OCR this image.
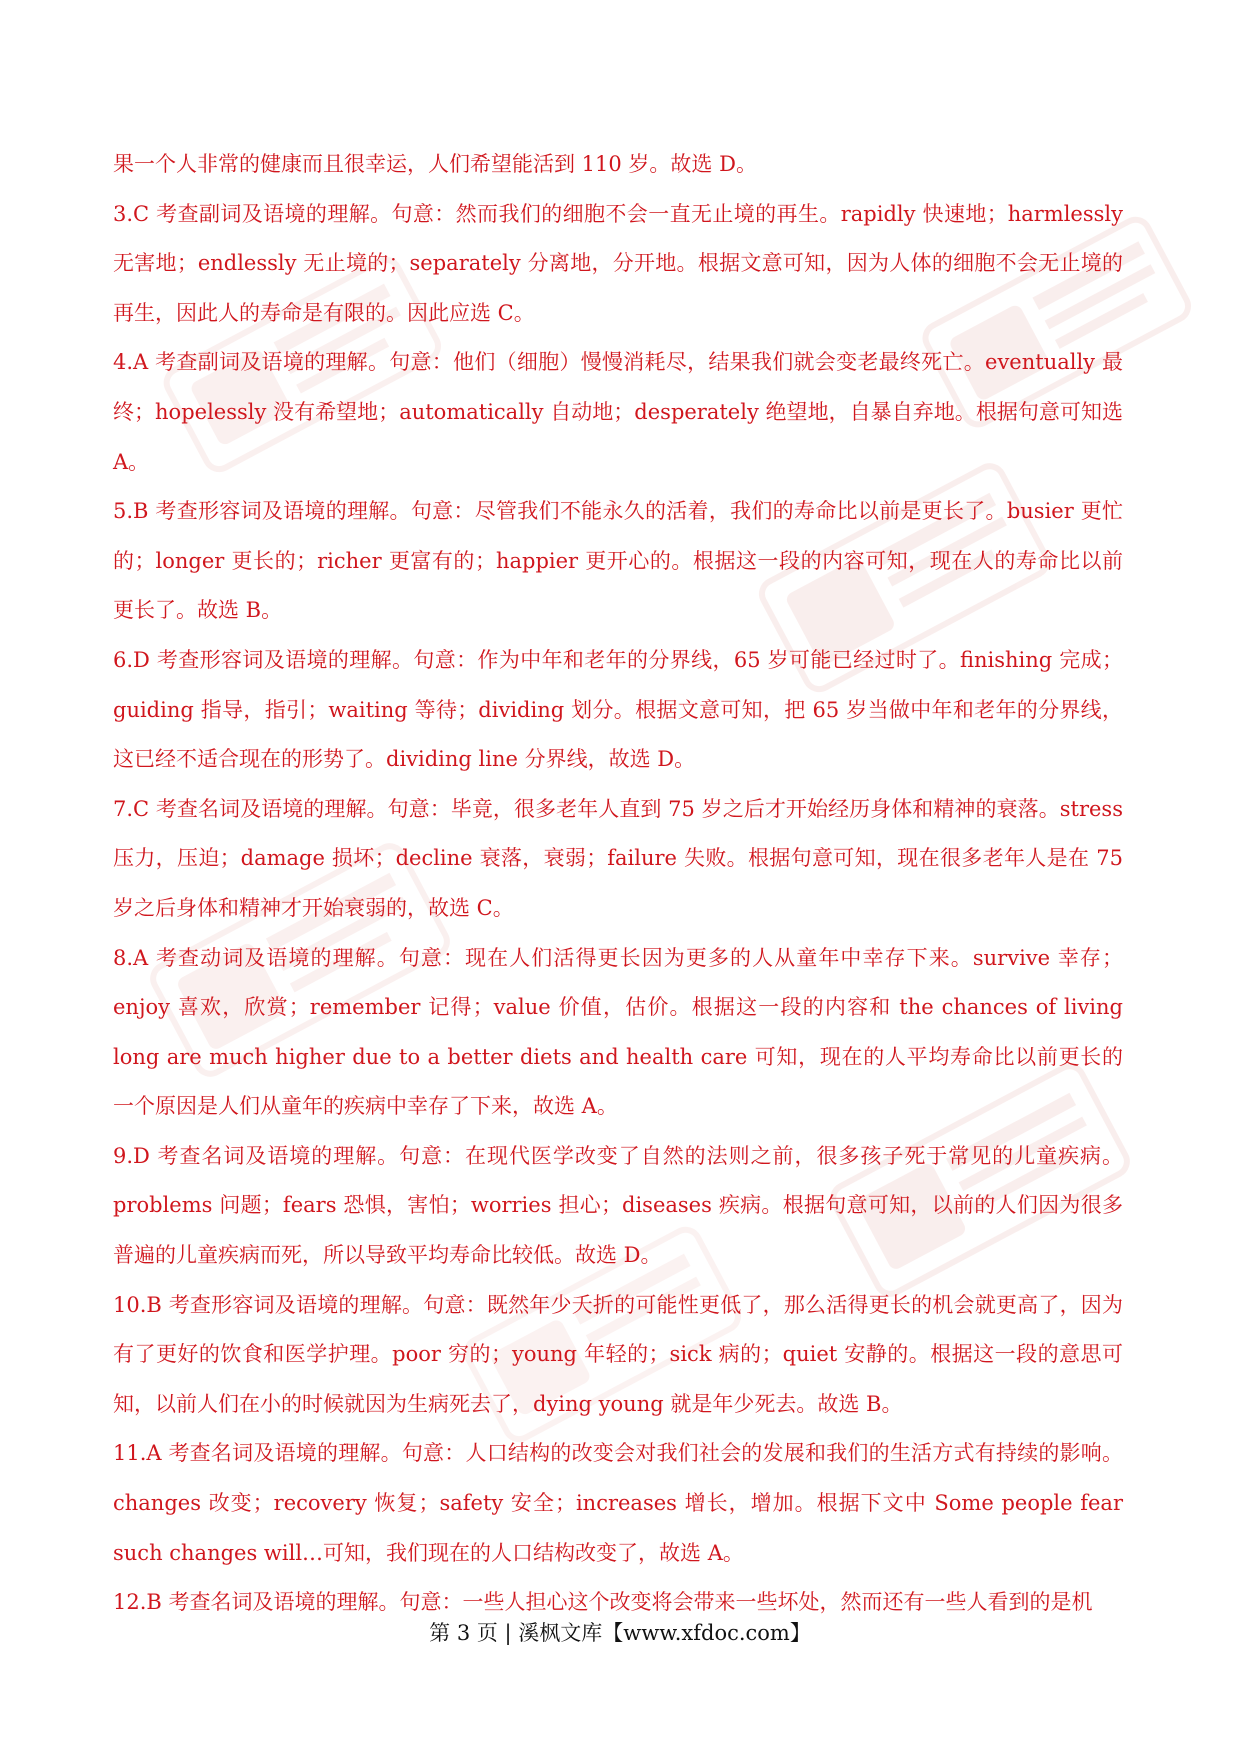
果一个人非常的健康而且很幸运，人们希望能活到 110 岁。故选 D。

3.C 考查副词及语境的理解。句意：然而我们的细胞不会一直无止境的再生。rapidly 快速地；harmlessly 无害地；endlessly 无止境的；separately 分离地，分开地。根据文意可知，因为人体的细胞不会无止境的再生，因此人的寿命是有限的。因此应选 C。

4.A 考查副词及语境的理解。句意：他们（细胞）慢慢消耗尽，结果我们就会变老最终死亡。eventually 最终；hopelessly 没有希望地；automatically 自动地；desperately 绝望地，自暴自弃地。根据句意可知选 A。

5.B 考查形容词及语境的理解。句意：尽管我们不能永久的活着，我们的寿命比以前是更长了。busier 更忙的；longer 更长的；richer 更富有的；happier 更开心的。根据这一段的内容可知，现在人的寿命比以前更长了。故选 B。

6.D 考查形容词及语境的理解。句意：作为中年和老年的分界线，65 岁可能已经过时了。finishing 完成；guiding 指导，指引；waiting 等待；dividing 划分。根据文意可知，把 65 岁当做中年和老年的分界线，这已经不适合现在的形势了。dividing line 分界线，故选 D。

7.C 考查名词及语境的理解。句意：毕竟，很多老年人直到 75 岁之后才开始经历身体和精神的衰落。stress 压力，压迫；damage 损坏；decline 衰落，衰弱；failure 失败。根据句意可知，现在很多老年人是在 75 岁之后身体和精神才开始衰弱的，故选 C。

8.A 考查动词及语境的理解。句意：现在人们活得更长因为更多的人从童年中幸存下来。survive 幸存；enjoy 喜欢，欣赏；remember 记得；value 价值，估价。根据这一段的内容和 the chances of living long are much higher due to a better diets and health care 可知，现在的人平均寿命比以前更长的一个原因是人们从童年的疾病中幸存了下来，故选 A。

9.D 考查名词及语境的理解。句意：在现代医学改变了自然的法则之前，很多孩子死于常见的儿童疾病。problems 问题；fears 恐惧，害怕；worries 担心；diseases 疾病。根据句意可知，以前的人们因为很多普遍的儿童疾病而死，所以导致平均寿命比较低。故选 D。

10.B 考查形容词及语境的理解。句意：既然年少夭折的可能性更低了，那么活得更长的机会就更高了，因为有了更好的饮食和医学护理。poor 穷的；young 年轻的；sick 病的；quiet 安静的。根据这一段的意思可知，以前人们在小的时候就因为生病死去了，dying young 就是年少死去。故选 B。

11.A 考查名词及语境的理解。句意：人口结构的改变会对我们社会的发展和我们的生活方式有持续的影响。changes 改变；recovery 恢复；safety 安全；increases 增长，增加。根据下文中 Some people fear such changes will…可知，我们现在的人口结构改变了，故选 A。

12.B 考查名词及语境的理解。句意：一些人担心这个改变将会带来一些坏处，然而还有一些人看到的是机

第 3 页 | 溪枫文库【www.xfdoc.com】
